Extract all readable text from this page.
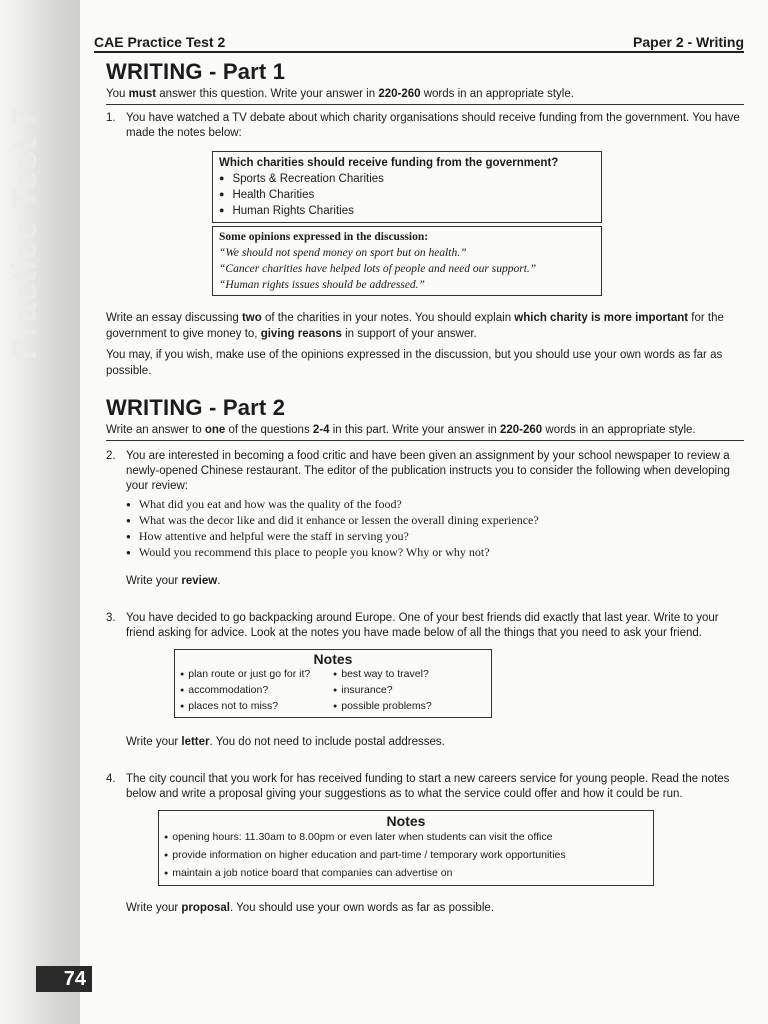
Practice Test 7
74
CAE Practice Test 2	Paper 2 - Writing
WRITING - Part 1
You must answer this question. Write your answer in 220-260 words in an appropriate style.
1. You have watched a TV debate about which charity organisations should receive funding from the government. You have made the notes below:
Which charities should receive funding from the government?
● Sports & Recreation Charities
● Health Charities
● Human Rights Charities
Some opinions expressed in the discussion:
“We should not spend money on sport but on health.”
“Cancer charities have helped lots of people and need our support.”
“Human rights issues should be addressed.”
Write an essay discussing two of the charities in your notes. You should explain which charity is more important for the government to give money to, giving reasons in support of your answer.
You may, if you wish, make use of the opinions expressed in the discussion, but you should use your own words as far as possible.
WRITING - Part 2
Write an answer to one of the questions 2-4 in this part. Write your answer in 220-260 words in an appropriate style.
2. You are interested in becoming a food critic and have been given an assignment by your school newspaper to review a newly-opened Chinese restaurant. The editor of the publication instructs you to consider the following when developing your review:
● What did you eat and how was the quality of the food?
● What was the decor like and did it enhance or lessen the overall dining experience?
● How attentive and helpful were the staff in serving you?
● Would you recommend this place to people you know? Why or why not?
Write your review.
3. You have decided to go backpacking around Europe. One of your best friends did exactly that last year. Write to your friend asking for advice. Look at the notes you have made below of all the things that you need to ask your friend.
Notes
● plan route or just go for it?	● best way to travel?
● accommodation?	● insurance?
● places not to miss?	● possible problems?
Write your letter. You do not need to include postal addresses.
4. The city council that you work for has received funding to start a new careers service for young people. Read the notes below and write a proposal giving your suggestions as to what the service could offer and how it could be run.
Notes
● opening hours: 11.30am to 8.00pm or even later when students can visit the office
● provide information on higher education and part-time / temporary work opportunities
● maintain a job notice board that companies can advertise on
Write your proposal. You should use your own words as far as possible.
